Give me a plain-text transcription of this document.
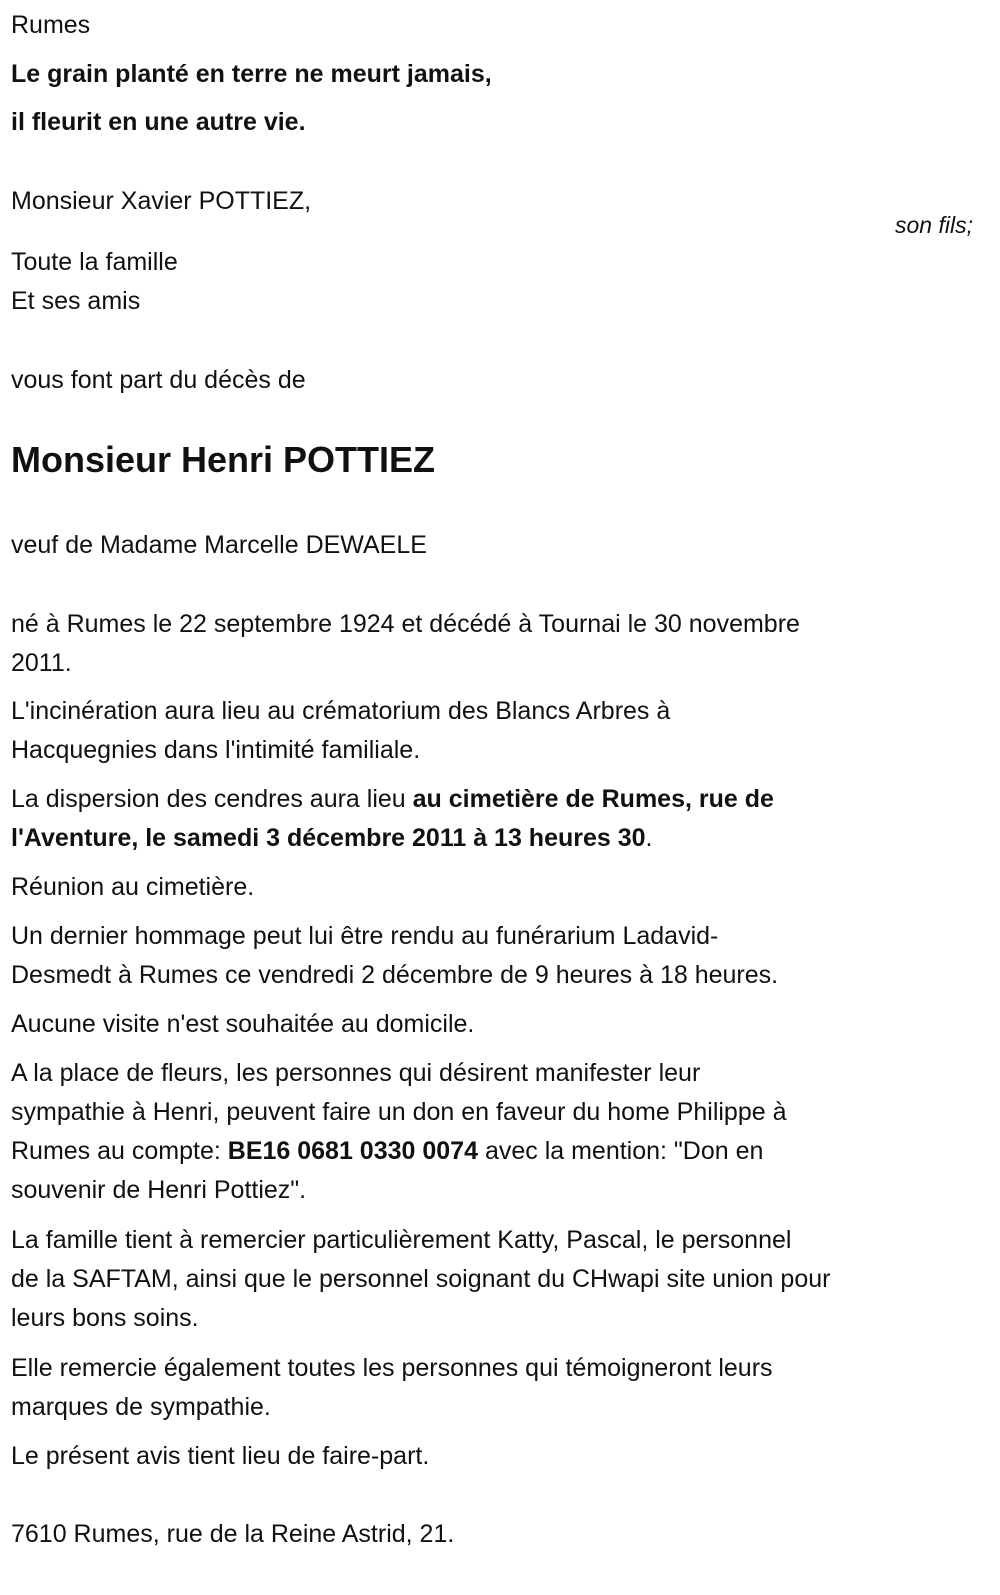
Rumes
Le grain planté en terre ne meurt jamais,
il fleurit en une autre vie.
Monsieur Xavier POTTIEZ,
son fils;
Toute la famille
Et ses amis
vous font part du décès de
Monsieur Henri POTTIEZ
veuf de Madame Marcelle DEWAELE
né à Rumes le 22 septembre 1924 et décédé à Tournai le 30 novembre
2011.
L'incinération aura lieu au crématorium des Blancs Arbres à
Hacquegnies dans l'intimité familiale.
La dispersion des cendres aura lieu au cimetière de Rumes, rue de
l'Aventure, le samedi 3 décembre 2011 à 13 heures 30.
Réunion au cimetière.
Un dernier hommage peut lui être rendu au funérarium Ladavid-
Desmedt à Rumes ce vendredi 2 décembre de 9 heures à 18 heures.
Aucune visite n'est souhaitée au domicile.
A la place de fleurs, les personnes qui désirent manifester leur
sympathie à Henri, peuvent faire un don en faveur du home Philippe à
Rumes au compte: BE16 0681 0330 0074 avec la mention: "Don en
souvenir de Henri Pottiez".
La famille tient à remercier particulièrement Katty, Pascal, le personnel
de la SAFTAM, ainsi que le personnel soignant du CHwapi site union pour
leurs bons soins.
Elle remercie également toutes les personnes qui témoigneront leurs
marques de sympathie.
Le présent avis tient lieu de faire-part.
7610 Rumes, rue de la Reine Astrid, 21.
